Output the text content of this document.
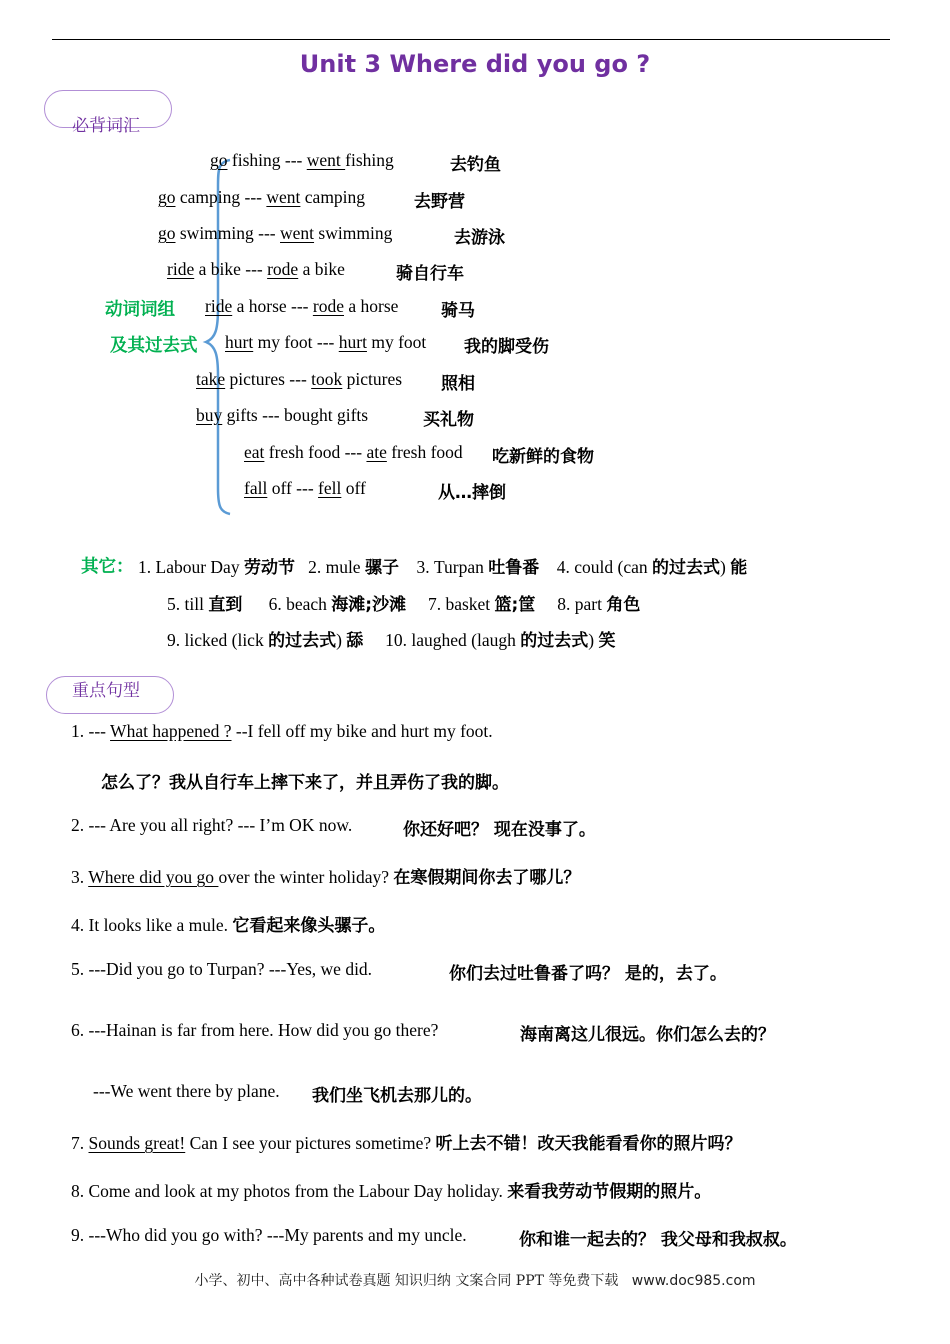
Unit 3 Where did you go ?
必背词汇
动词词组
及其过去式
go fishing --- went fishing	去钓鱼
go camping --- went camping	去野营
go swimming --- went swimming	去游泳
ride a bike --- rode a bike	骑自行车
ride a horse --- rode a horse	骑马
hurt my foot --- hurt my foot 我的脚受伤
take pictures --- took pictures 照相
buy gifts --- bought gifts	买礼物
eat fresh food --- ate fresh food 吃新鲜的食物
fall off --- fell off	从…摔倒
其它： 1. Labour Day 劳动节 2. mule 骡子 3. Turpan 吐鲁番 4. could (can 的过去式) 能
5. till 直到 6. beach 海滩;沙滩 7. basket 篮;筐 8. part 角色
9. licked (lick 的过去式) 舔 10. laughed (laugh 的过去式) 笑
重点句型
1. --- What happened ? --I fell off my bike and hurt my foot.
怎么了？我从自行车上摔下来了，并且弄伤了我的脚。
2. --- Are you all right? --- I’m OK now.	你还好吧？ 现在没事了。
3. Where did you go over the winter holiday? 在寒假期间你去了哪儿？
4. It looks like a mule. 它看起来像头骡子。
5. ---Did you go to Turpan? ---Yes, we did.	你们去过吐鲁番了吗？ 是的，去了。
6. ---Hainan is far from here. How did you go there?	海南离这儿很远。你们怎么去的？
---We went there by plane. 我们坐飞机去那儿的。
7. Sounds great! Can I see your pictures sometime? 听上去不错！改天我能看看你的照片吗？
8. Come and look at my photos from the Labour Day holiday. 来看我劳动节假期的照片。
9. ---Who did you go with? ---My parents and my uncle.	你和谁一起去的？ 我父母和我叔叔。
小学、初中、高中各种试卷真题 知识归纳 文案合同 PPT 等免费下载 www.doc985.com
